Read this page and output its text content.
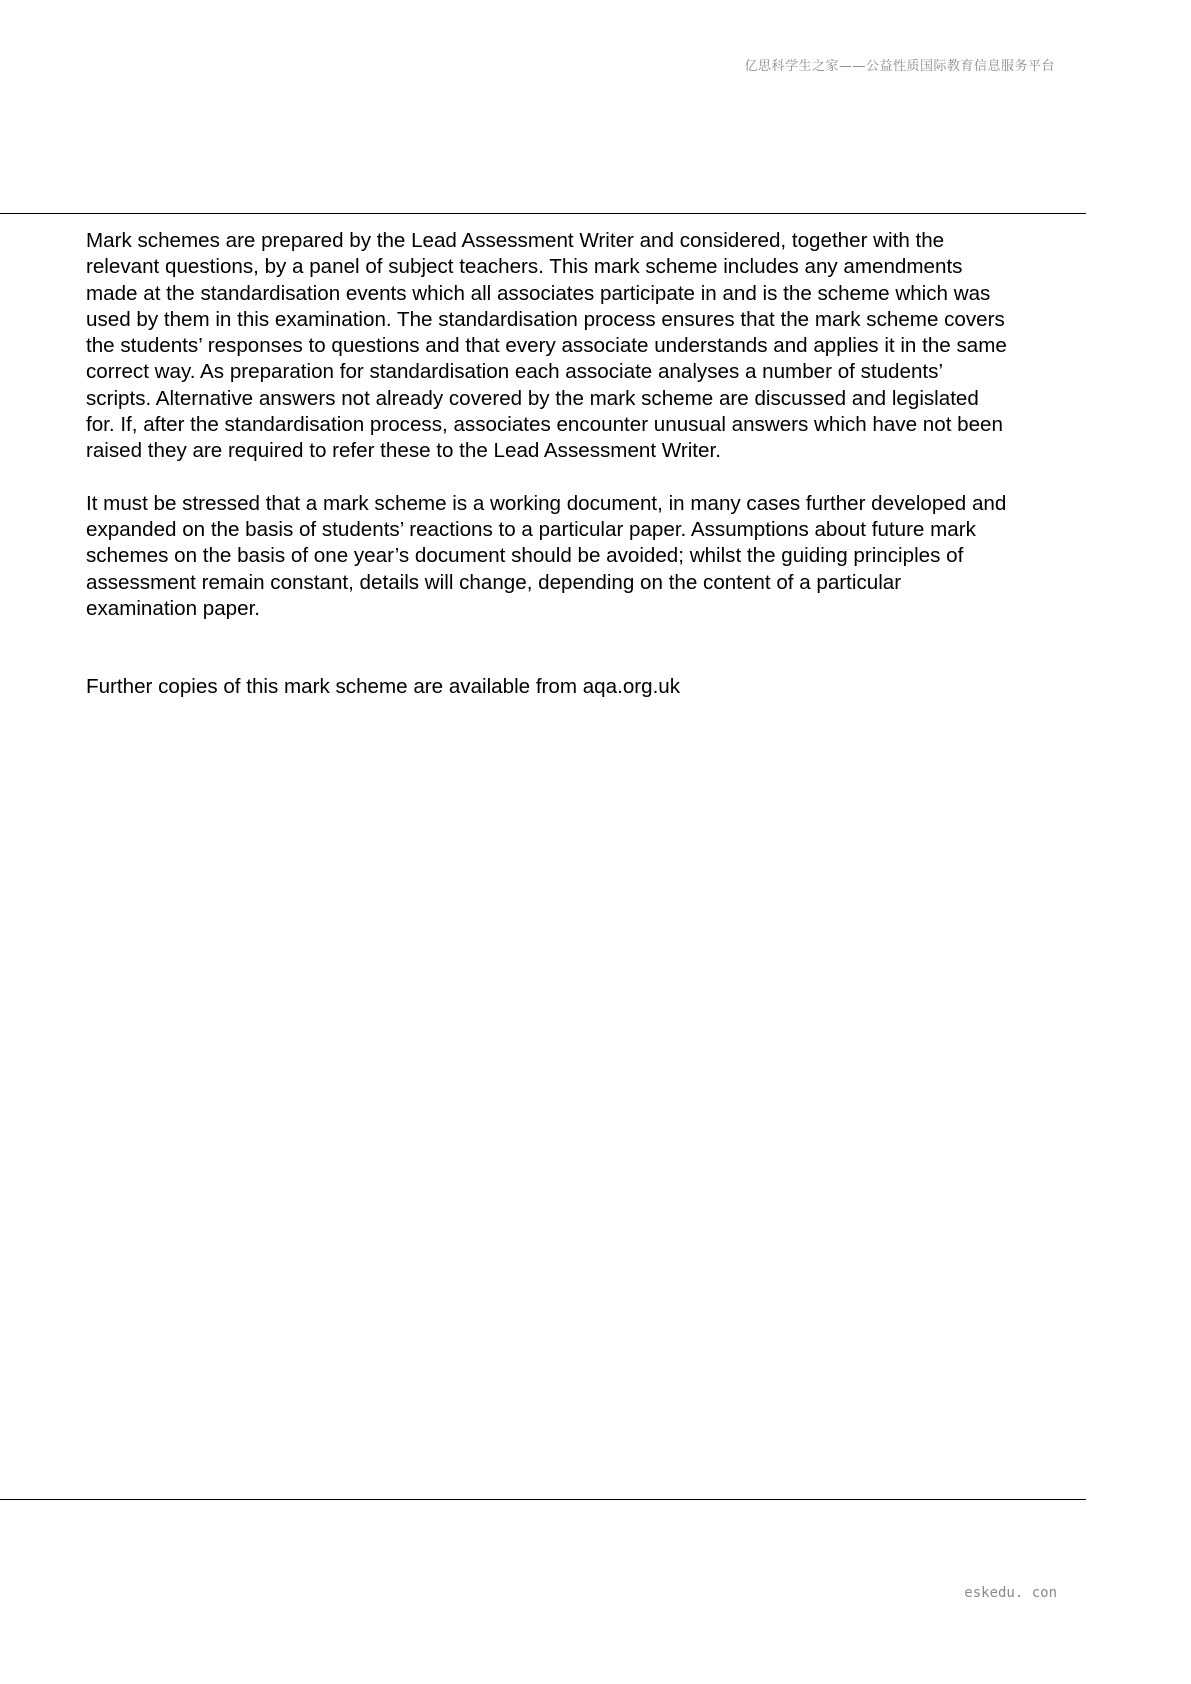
亿思科学生之家——公益性质国际教育信息服务平台

Mark schemes are prepared by the Lead Assessment Writer and considered, together with the
relevant questions, by a panel of subject teachers. This mark scheme includes any amendments
made at the standardisation events which all associates participate in and is the scheme which was
used by them in this examination. The standardisation process ensures that the mark scheme covers
the students’ responses to questions and that every associate understands and applies it in the same
correct way. As preparation for standardisation each associate analyses a number of students’
scripts. Alternative answers not already covered by the mark scheme are discussed and legislated
for. If, after the standardisation process, associates encounter unusual answers which have not been
raised they are required to refer these to the Lead Assessment Writer.

It must be stressed that a mark scheme is a working document, in many cases further developed and
expanded on the basis of students’ reactions to a particular paper. Assumptions about future mark
schemes on the basis of one year’s document should be avoided; whilst the guiding principles of
assessment remain constant, details will change, depending on the content of a particular
examination paper.

Further copies of this mark scheme are available from aqa.org.uk

eskedu. con
